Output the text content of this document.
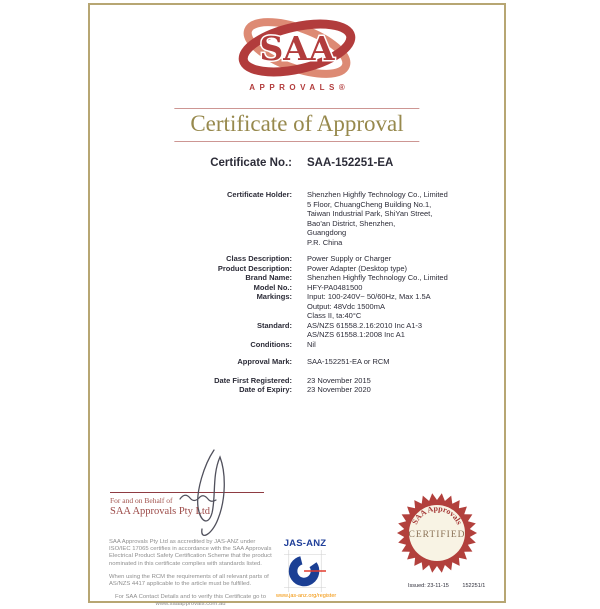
SAA
APPROVALS®
Certificate of Approval
Certificate No.: SAA-152251-EA
Certificate Holder: Shenzhen Highfly Technology Co., Limited
5 Floor, ChuangCheng Building No.1,
Taiwan Industrial Park, ShiYan Street,
Bao'an District, Shenzhen,
Guangdong
P.R. China
Class Description: Power Supply or Charger
Product Description: Power Adapter (Desktop type)
Brand Name: Shenzhen Highfly Technology Co., Limited
Model No.: HFY-PA0481500
Markings: Input: 100-240V~ 50/60Hz, Max 1.5A
Output: 48Vdc 1500mA
Class II, ta:40°C
Standard: AS/NZS 61558.2.16:2010 Inc A1-3
AS/NZS 61558.1:2008 Inc A1
Conditions: Nil
Approval Mark: SAA-152251-EA or RCM
Date First Registered: 23 November 2015
Date of Expiry: 23 November 2020
For and on Behalf of
SAA Approvals Pty Ltd

SAA Approvals Pty Ltd as accredited by JAS-ANZ under ISO/IEC 17065 certifies in accordance with the SAA Approvals Electrical Product Safety Certification Scheme that the product nominated in this certificate complies with standards listed.

When using the RCM the requirements of all relevant parts of AS/NZS 4417 applicable to the article must be fulfilled.

For SAA Contact Details and to verify this Certificate go to
www.saaapprovals.com.au

JAS-ANZ
www.jas-anz.org/register
SAA Approvals
CERTIFIED
Issued: 23-11-15 152251/1
